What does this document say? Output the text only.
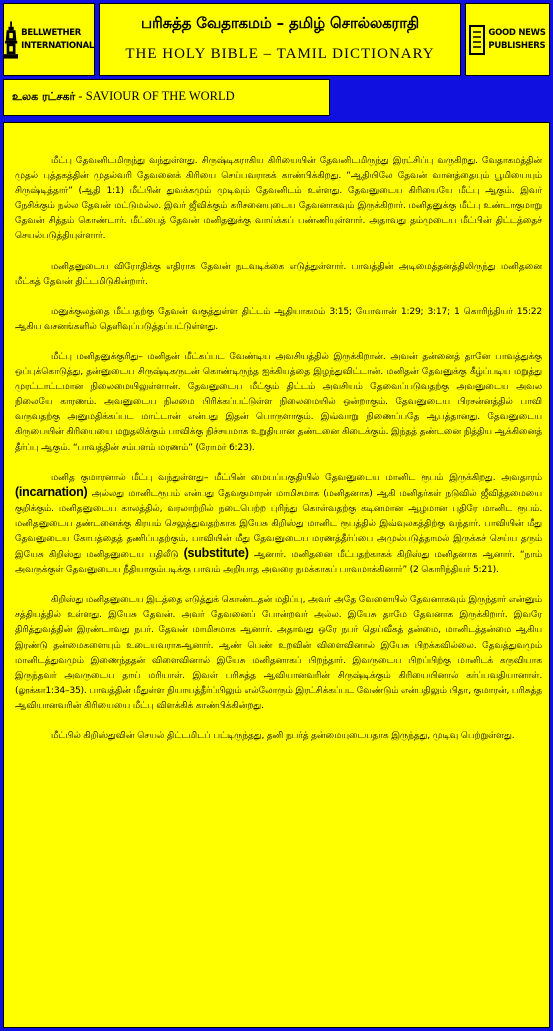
BELLWETHER
INTERNATIONAL
பரிசுத்த வேதாகமம் – தமிழ் சொல்லகராதி
THE HOLY BIBLE – TAMIL DICTIONARY
GOOD NEWS
PUBLISHERS
உலக ரட்சகர் - SAVIOUR OF THE WORLD

மீட்பு தேவனிடமிருந்து வந்துள்ளது. சிருஷ்டிகராகிய கிரியையின் தேவனிடமிருந்து இரட்சிப்பு வருகிறது. வேதாகமத்தின் முதல் புத்தகத்தின் முதல்வரி தேவனைக் கிரியை செய்பவராகக் காண்பிக்கிறது. “ஆதியிலே தேவன் வானத்தையும் பூமியையும் சிருஷ்டித்தார்” (ஆதி 1:1) மீட்பின் துவக்கமும் முடிவும் தேவனிடம் உள்ளது. தேவனுடைய கிரியையே மீட்பு ஆகும். இவர் நேசிக்கும் நல்ல தேவன் மட்டுமல்ல. இவர் ஜீவிக்கும் கரிசனையுடைய தேவனாகவும் இருக்கிறார். மனிதனுக்கு மீட்பு உண்டாகுமாறு தேவன் சித்தம் கொண்டார். மீட்பைத் தேவன் மனிதனுக்கு வாய்க்கப் பண்ணியுள்ளார். அதாவது தம்முடைய மீட்பின் திட்டத்தைச் செயல்படுத்தியுள்ளார்.

மனிதனுடைய விரோதிக்கு எதிராக தேவன் நடவடிக்கை எடுத்துள்ளார். பாவத்தின் அடிமைத்தனத்திலிருந்து மனிதனை மீட்கத் தேவன் திட்டமிடுகின்றார்.

மனுக்குலத்தை மீட்பதற்கு தேவன் வகுத்துள்ள திட்டம் ஆதியாகமம் 3:15; யோவான் 1:29; 3:17; 1 கொரிந்தியர் 15:22 ஆகிய வசனங்களில் தெளிவுப்படுத்தப்பட்டுள்ளது.

மீட்பு மனிதனுக்குரிது– மனிதன் மீட்கப்பட வேண்டிய அவசியத்தில் இருக்கிறான். அவன் தன்னைத் தானே பாவத்துக்கு ஒப்புக்கொடுத்து, தன்னுடைய சிருஷ்டிகருடன் கொண்டிருந்த ஐக்கியத்தை இழந்துவிட்டான். மனிதன் தேவனுக்கு கீழ்ப்படிய மறுத்து முரட்டாட்டமான நிலைமையிலுள்ளான். தேவனுடைய மீட்கும் திட்டம் அவசியம் தேவைப்படுவதற்கு அவனுடைய அவல நிலையே காரணம். அவனுடைய நிலமை பிரிக்கப்பட்டுள்ள நிலைமையில் ஒன்றாகும். தேவனுடைய பிரசன்னத்தில் பாவி வருவதற்கு அனுமதிக்கப்பட மாட்டான் என்பது இதன் பொருளாகும். இவ்வாறு நிணைப்பதே ஆபத்தானது. தேவனுடைய கிருபையின் கிரியையை மறுதலிக்கும் பாவிக்கு நிச்சயமாக உறுதியான தண்டனை கிடைக்கும். இந்தத் தண்டனை நித்திய ஆக்கினைத் தீர்ப்பு ஆகும். “பாவத்தின் சம்பளம் மரணம்” (ரோமர் 6:23).

மனித குமாரனால் மீட்பு வந்துள்ளது– மீட்பின் மையப்பகுதியில் தேவனுடைய மானிட ரூபம் இருக்கிறது. அவதாரம் (incarnation) அல்லது மானிடரூபம் என்பது தேவகுமாரன் மாமிசமாக (மனிதனாக) ஆகி மனிதர்கள் நடுவில் ஜீவித்தமையை குறிக்கும். மனிதனுடைய காலத்தில், வரலாற்றில் நடைபெற்ற புரிந்து கொள்வதற்கு கடினமான ஆழமான புதிரே மானிட ரூபம். மனிதனுடைய தண்டனைக்கு கிரயம் செலுத்துவதற்காக இயேசு கிறிஸ்து மானிட ரூபத்தில் இவ்வுலகத்திற்கு வந்தார். பாவியின் மீது தேவனுடைய கோபத்தைத் தணிப்பதற்கும், பாவியின் மீது தேவனுடைய மரணத்தீர்ப்பை அமுல்படுத்தாமல் இருக்கச் செய்ய தரும் இயேசு கிறிஸ்து மனிதனுடைய பதிலீடு (substitute) ஆனார். மனிதனை மீட்பதற்காகக் கிறிஸ்து மனிதனாக ஆனார். “நாம் அவருக்குள் தேவனுடைய நீதியாகும்படிக்கு பாவம் அறியாத அவரை நமக்காகப் பாவமாக்கினார்” (2 கொரிந்தியர் 5:21).

கிறிஸ்து மனிதனுடைய இடத்தை எடுத்துக் கொண்டதன் மதிப்பு, அவர் அதே வேளையில் தேவனாகவும் இருந்தார் என்னும் சத்தியத்தில் உள்ளது. இயேசு தேவன். அவர் தேவனைப் போன்றவர் அல்ல. இயேசு தாமே தேவனாக இருக்கிறார். இவரே திரித்துவத்தின் இரண்டாவது நபர். தேவன் மாமிசமாக ஆனார். அதாவது ஒரே நபர் தெய்வீகத் தன்மை, மானிடத்தன்மை ஆகிய இரண்டு தன்மைகளையும் உடையவராகஆனார். ஆண் பெண் உறவின் விளைவினால் இயேசு பிறக்கவில்லை. தேவத்துவமும் மானிடத்துவமும் இணைந்ததன் விளைவினால் இயேசு மனிதனாகப் பிறந்தார். இவருடைய பிறப்பிற்கு மானிடக் கருவியாக இருந்தவர் அவருடைய தாய் மரியாள். இவள் பரிசுத்த ஆவியானவரின் சிருஷ்டிக்கும் கிரியையினால் கர்ப்பவதியானாள். (லூக்கா1:34–35). பாவத்தின் மீதுள்ள நியாயத்தீர்ப்பிலும் எல்லோரும் இரட்சிக்கப்பட வேண்டும் என்பதிலும் பிதா, குமாரன், பரிசுத்த ஆவியானவரின் கிரியையை மீட்பு விளக்கிக் காண்பிக்கின்றது.

மீட்பில் கிறிஸ்துவின் செயல் திட்டமிடப் பட்டிருந்தது, தனி நபர்த் தன்மையுடையதாக இருந்தது, முடிவு பெற்றுள்ளது.
